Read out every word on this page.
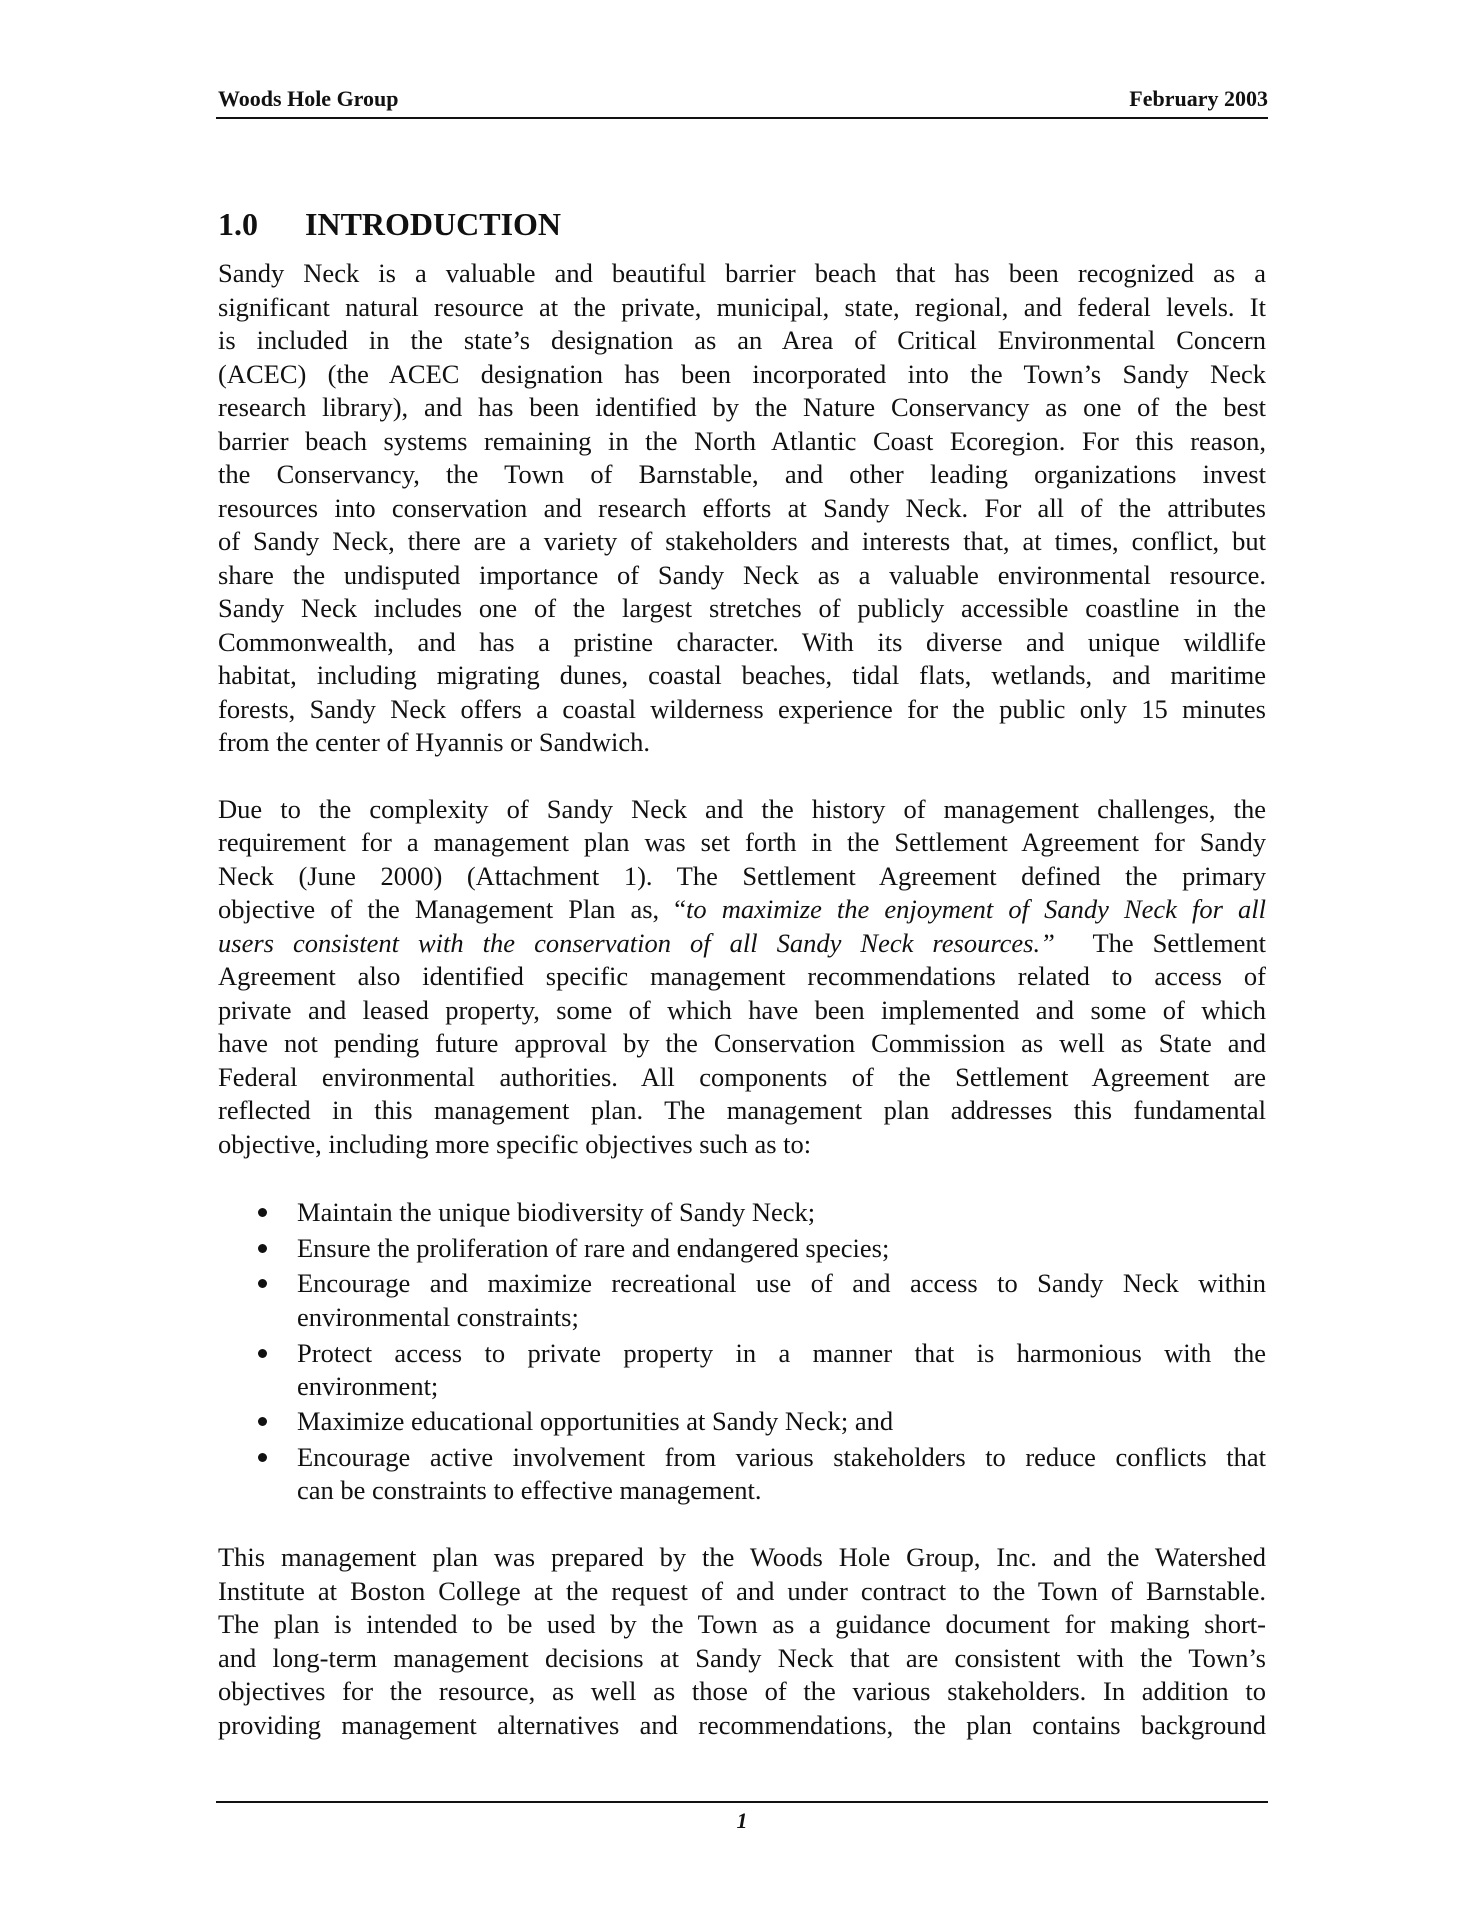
Woods Hole Group	February 2003
1.0 INTRODUCTION
Sandy Neck is a valuable and beautiful barrier beach that has been recognized as a
significant natural resource at the private, municipal, state, regional, and federal levels. It
is included in the state’s designation as an Area of Critical Environmental Concern
(ACEC) (the ACEC designation has been incorporated into the Town’s Sandy Neck
research library), and has been identified by the Nature Conservancy as one of the best
barrier beach systems remaining in the North Atlantic Coast Ecoregion. For this reason,
the Conservancy, the Town of Barnstable, and other leading organizations invest
resources into conservation and research efforts at Sandy Neck. For all of the attributes
of Sandy Neck, there are a variety of stakeholders and interests that, at times, conflict, but
share the undisputed importance of Sandy Neck as a valuable environmental resource.
Sandy Neck includes one of the largest stretches of publicly accessible coastline in the
Commonwealth, and has a pristine character. With its diverse and unique wildlife
habitat, including migrating dunes, coastal beaches, tidal flats, wetlands, and maritime
forests, Sandy Neck offers a coastal wilderness experience for the public only 15 minutes
from the center of Hyannis or Sandwich.
Due to the complexity of Sandy Neck and the history of management challenges, the
requirement for a management plan was set forth in the Settlement Agreement for Sandy
Neck (June 2000) (Attachment 1). The Settlement Agreement defined the primary
objective of the Management Plan as, “to maximize the enjoyment of Sandy Neck for all
users consistent with the conservation of all Sandy Neck resources.”  The Settlement
Agreement also identified specific management recommendations related to access of
private and leased property, some of which have been implemented and some of which
have not pending future approval by the Conservation Commission as well as State and
Federal environmental authorities. All components of the Settlement Agreement are
reflected in this management plan. The management plan addresses this fundamental
objective, including more specific objectives such as to:
Maintain the unique biodiversity of Sandy Neck;
Ensure the proliferation of rare and endangered species;
Encourage and maximize recreational use of and access to Sandy Neck within
environmental constraints;
Protect access to private property in a manner that is harmonious with the
environment;
Maximize educational opportunities at Sandy Neck; and
Encourage active involvement from various stakeholders to reduce conflicts that
can be constraints to effective management.
This management plan was prepared by the Woods Hole Group, Inc. and the Watershed
Institute at Boston College at the request of and under contract to the Town of Barnstable.
The plan is intended to be used by the Town as a guidance document for making short-
and long-term management decisions at Sandy Neck that are consistent with the Town’s
objectives for the resource, as well as those of the various stakeholders. In addition to
providing management alternatives and recommendations, the plan contains background
1
